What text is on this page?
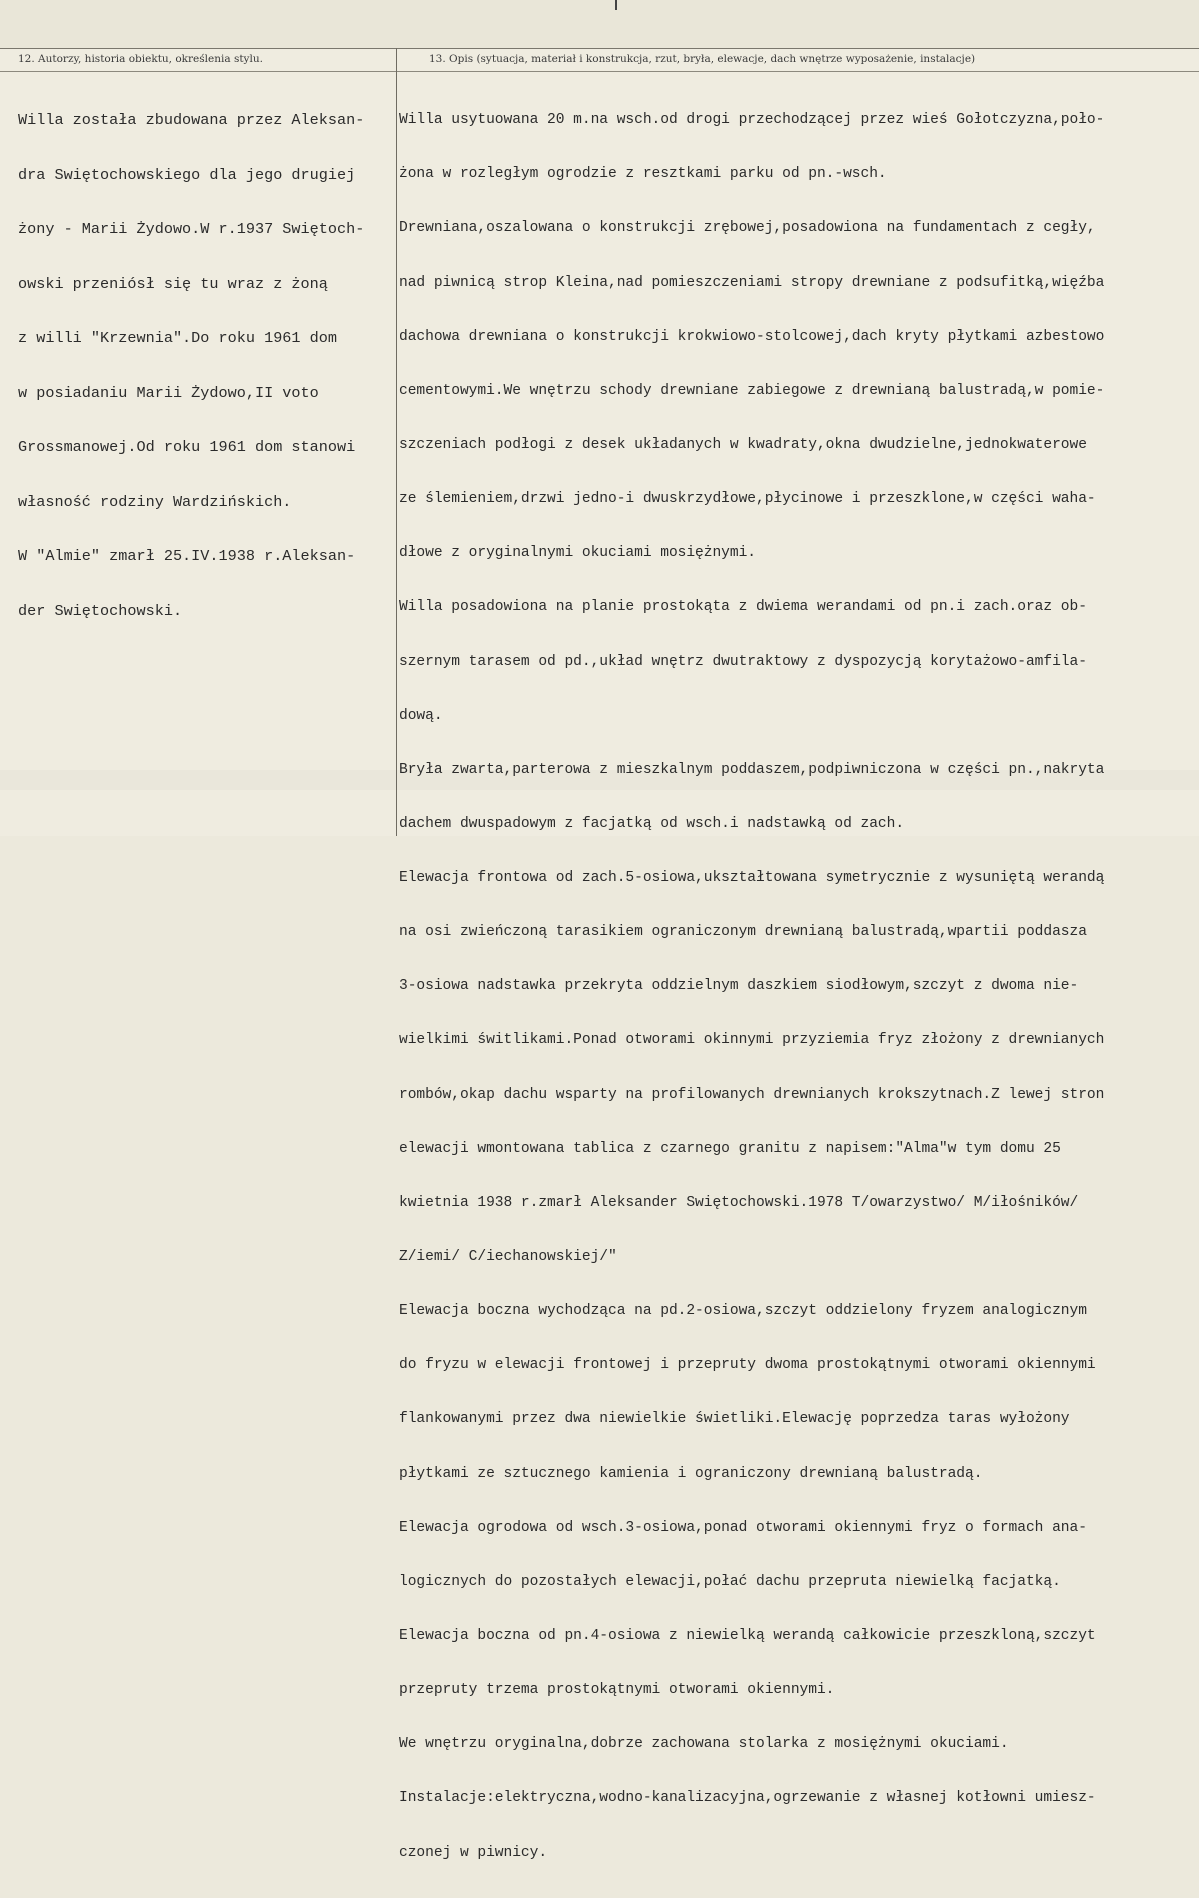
12. Autorzy, historia obiektu, określenia stylu.	13. Opis (sytuacja, materiał i konstrukcja, rzut, bryła, elewacje, dach wnętrze wyposażenie, instalacje)

Willa została zbudowana przez Aleksan-

dra Swiętochowskiego dla jego drugiej

żony - Marii Żydowo.W r.1937 Swiętoch-

owski przeniósł się tu wraz z żoną

z willi "Krzewnia".Do roku 1961 dom

w posiadaniu Marii Żydowo,II voto

Grossmanowej.Od roku 1961 dom stanowi

własność rodziny Wardzińskich.

W "Almie" zmarł 25.IV.1938 r.Aleksan-

der Swiętochowski.

Willa usytuowana 20 m.na wsch.od drogi przechodzącej przez wieś Gołotczyzna,poło-

żona w rozległym ogrodzie z resztkami parku od pn.-wsch.

Drewniana,oszalowana o konstrukcji zrębowej,posadowiona na fundamentach z cegły,

nad piwnicą strop Kleina,nad pomieszczeniami stropy drewniane z podsufitką,więźba

dachowa drewniana o konstrukcji krokwiowo-stolcowej,dach kryty płytkami azbestowo

cementowymi.We wnętrzu schody drewniane zabiegowe z drewnianą balustradą,w pomie-

szczeniach podłogi z desek układanych w kwadraty,okna dwudzielne,jednokwaterowe

ze ślemieniem,drzwi jedno-i dwuskrzydłowe,płycinowe i przeszklone,w części waha-

dłowe z oryginalnymi okuciami mosiężnymi.

Willa posadowiona na planie prostokąta z dwiema werandami od pn.i zach.oraz ob-

szernym tarasem od pd.,układ wnętrz dwutraktowy z dyspozycją korytażowo-amfila-

dową.

Bryła zwarta,parterowa z mieszkalnym poddaszem,podpiwniczona w części pn.,nakryta

dachem dwuspadowym z facjatką od wsch.i nadstawką od zach.

Elewacja frontowa od zach.5-osiowa,ukształtowana symetrycznie z wysuniętą werandą

na osi zwieńczoną tarasikiem ograniczonym drewnianą balustradą,wpartii poddasza

3-osiowa nadstawka przekryta oddzielnym daszkiem siodłowym,szczyt z dwoma nie-

wielkimi świtlikami.Ponad otworami okinnymi przyziemia fryz złożony z drewnianych

rombów,okap dachu wsparty na profilowanych drewnianych krokszytnach.Z lewej stron

elewacji wmontowana tablica z czarnego granitu z napisem:"Alma"w tym domu 25

kwietnia 1938 r.zmarł Aleksander Swiętochowski.1978 T/owarzystwo/ M/iłośników/

Z/iemi/ C/iechanowskiej/"

Elewacja boczna wychodząca na pd.2-osiowa,szczyt oddzielony fryzem analogicznym

do fryzu w elewacji frontowej i przepruty dwoma prostokątnymi otworami okiennymi

flankowanymi przez dwa niewielkie świetliki.Elewację poprzedza taras wyłożony

płytkami ze sztucznego kamienia i ograniczony drewnianą balustradą.

Elewacja ogrodowa od wsch.3-osiowa,ponad otworami okiennymi fryz o formach ana-

logicznych do pozostałych elewacji,połać dachu przepruta niewielką facjatką.

Elewacja boczna od pn.4-osiowa z niewielką werandą całkowicie przeszkloną,szczyt

przepruty trzema prostokątnymi otworami okiennymi.

We wnętrzu oryginalna,dobrze zachowana stolarka z mosiężnymi okuciami.

Instalacje:elektryczna,wodno-kanalizacyjna,ogrzewanie z własnej kotłowni umiesz-

czonej w piwnicy.
